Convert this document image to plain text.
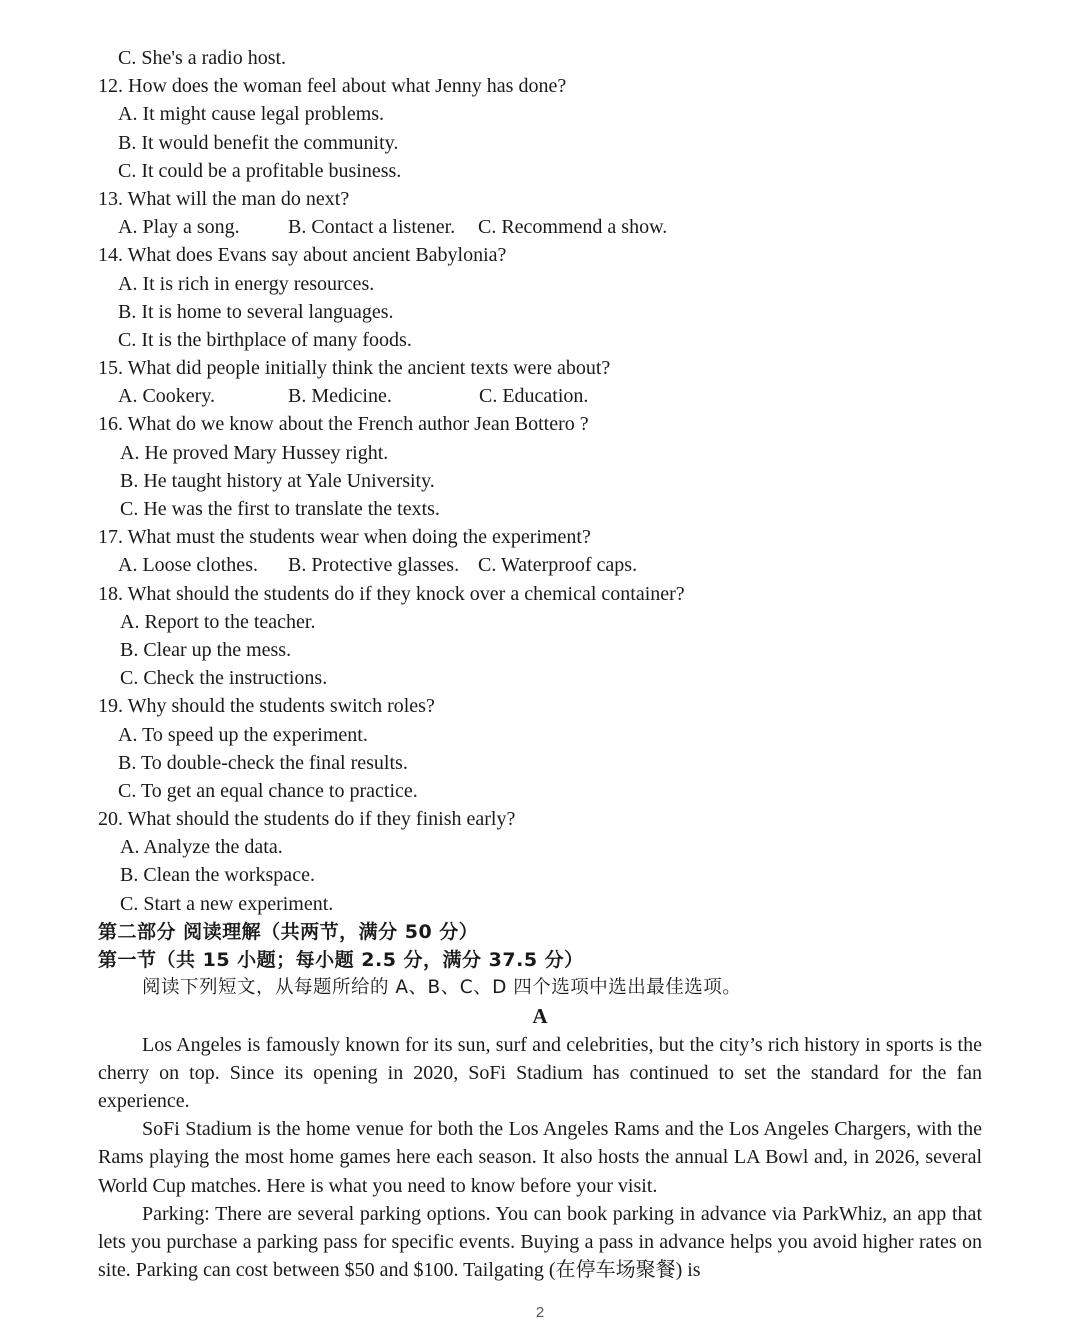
C. She's a radio host.
12. How does the woman feel about what Jenny has done?
A. It might cause legal problems.
B. It would benefit the community.
C. It could be a profitable business.
13. What will the man do next?
A. Play a song. B. Contact a listener. C. Recommend a show.
14. What does Evans say about ancient Babylonia?
A. It is rich in energy resources.
B. It is home to several languages.
C. It is the birthplace of many foods.
15. What did people initially think the ancient texts were about?
A. Cookery.	B. Medicine.	C. Education.
16. What do we know about the French author Jean Bottero ?
A. He proved Mary Hussey right.
B. He taught history at Yale University.
C. He was the first to translate the texts.
17. What must the students wear when doing the experiment?
A. Loose clothes. B. Protective glasses. C. Waterproof caps.
18. What should the students do if they knock over a chemical container?
A. Report to the teacher.
B. Clear up the mess.
C. Check the instructions.
19. Why should the students switch roles?
A. To speed up the experiment.
B. To double-check the final results.
C. To get an equal chance to practice.
20. What should the students do if they finish early?
A. Analyze the data.
B. Clean the workspace.
C. Start a new experiment.
第二部分 阅读理解（共两节，满分 50 分）
第一节（共 15 小题；每小题 2.5 分，满分 37.5 分）
阅读下列短文，从每题所给的 A、B、C、D 四个选项中选出最佳选项。
A
Los Angeles is famously known for its sun, surf and celebrities, but the city’s rich history in sports is the cherry on top. Since its opening in 2020, SoFi Stadium has continued to set the standard for the fan experience.
SoFi Stadium is the home venue for both the Los Angeles Rams and the Los Angeles Chargers, with the Rams playing the most home games here each season. It also hosts the annual LA Bowl and, in 2026, several World Cup matches. Here is what you need to know before your visit.
Parking: There are several parking options. You can book parking in advance via ParkWhiz, an app that lets you purchase a parking pass for specific events. Buying a pass in advance helps you avoid higher rates on site. Parking can cost between $50 and $100. Tailgating (在停车场聚餐) is
2
